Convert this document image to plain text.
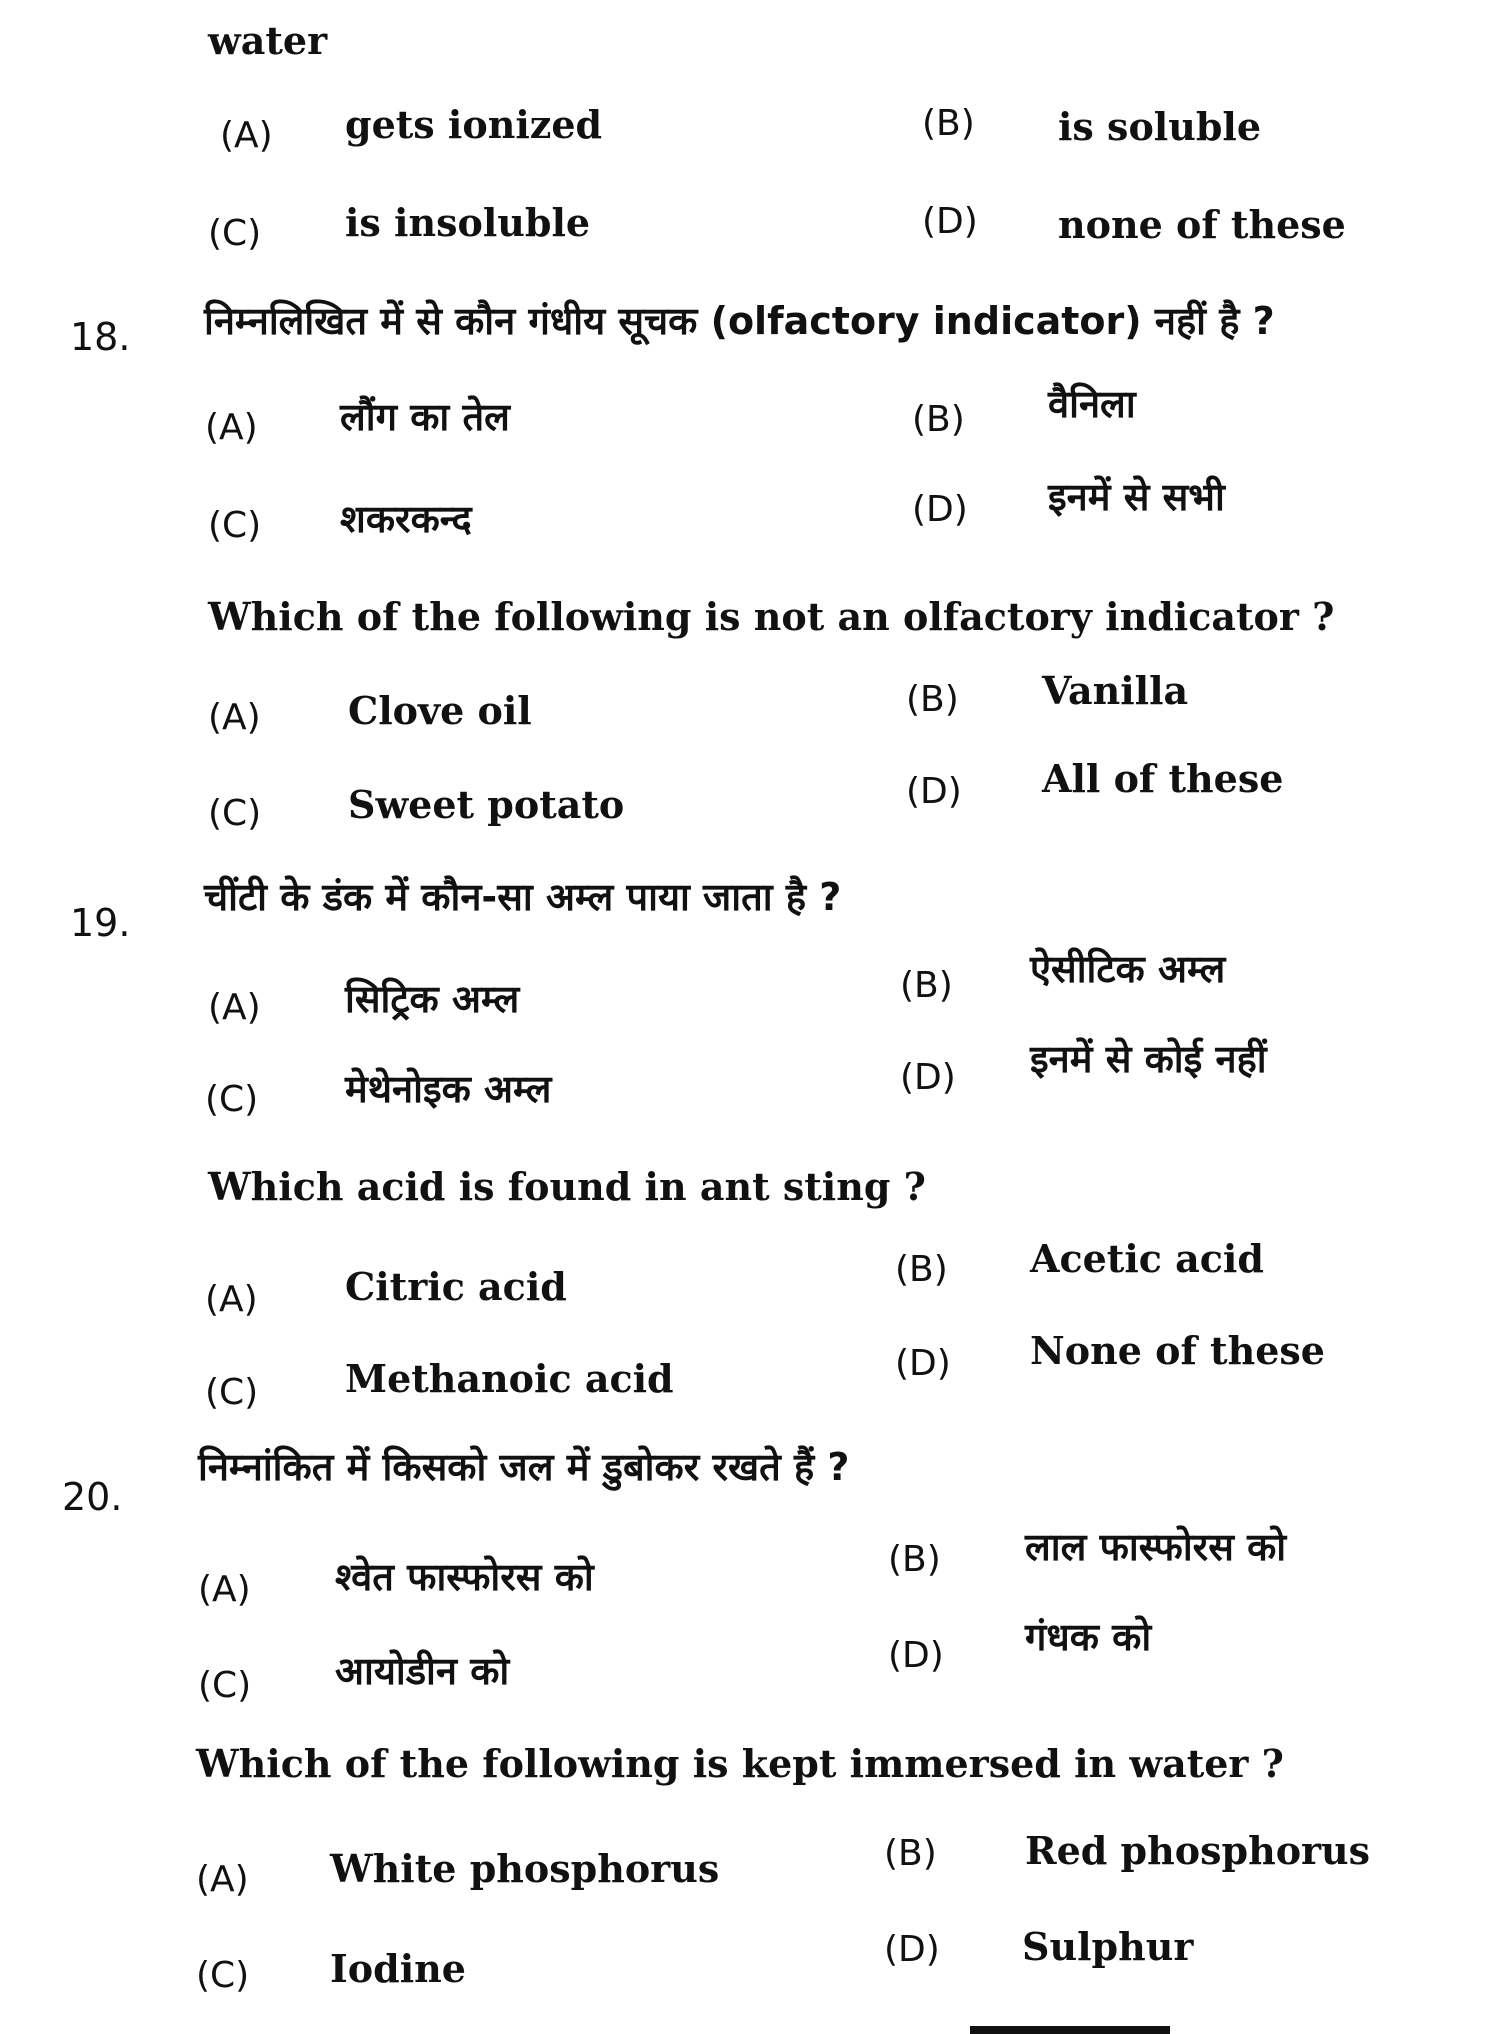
water
(A) gets ionized	(B) is soluble
(C) is insoluble	(D) none of these
18. निम्नलिखित में से कौन गंधीय सूचक (olfactory indicator) नहीं है ?
(A) लौंग का तेल	(B) वैनिला
(C) शकरकन्द	(D) इनमें से सभी
Which of the following is not an olfactory indicator ?
(A) Clove oil	(B) Vanilla
(C) Sweet potato	(D) All of these
19.
चींटी के डंक में कौन-सा अम्ल पाया जाता है ?
(A) सिट्रिक अम्ल	(B) ऐसीटिक अम्ल
(C) मेथेनोइक अम्ल	(D) इनमें से कोई नहीं
Which acid is found in ant sting ?
(A) Citric acid	(B) Acetic acid
(C) Methanoic acid	(D) None of these
20.
निम्नांकित में किसको जल में डुबोकर रखते हैं ?
(A) श्वेत फास्फोरस को	(B) लाल फास्फोरस को
(C) आयोडीन को	(D) गंधक को
Which of the following is kept immersed in water ?
(A) White phosphorus	(B) Red phosphorus
(C) Iodine	(D) Sulphur
